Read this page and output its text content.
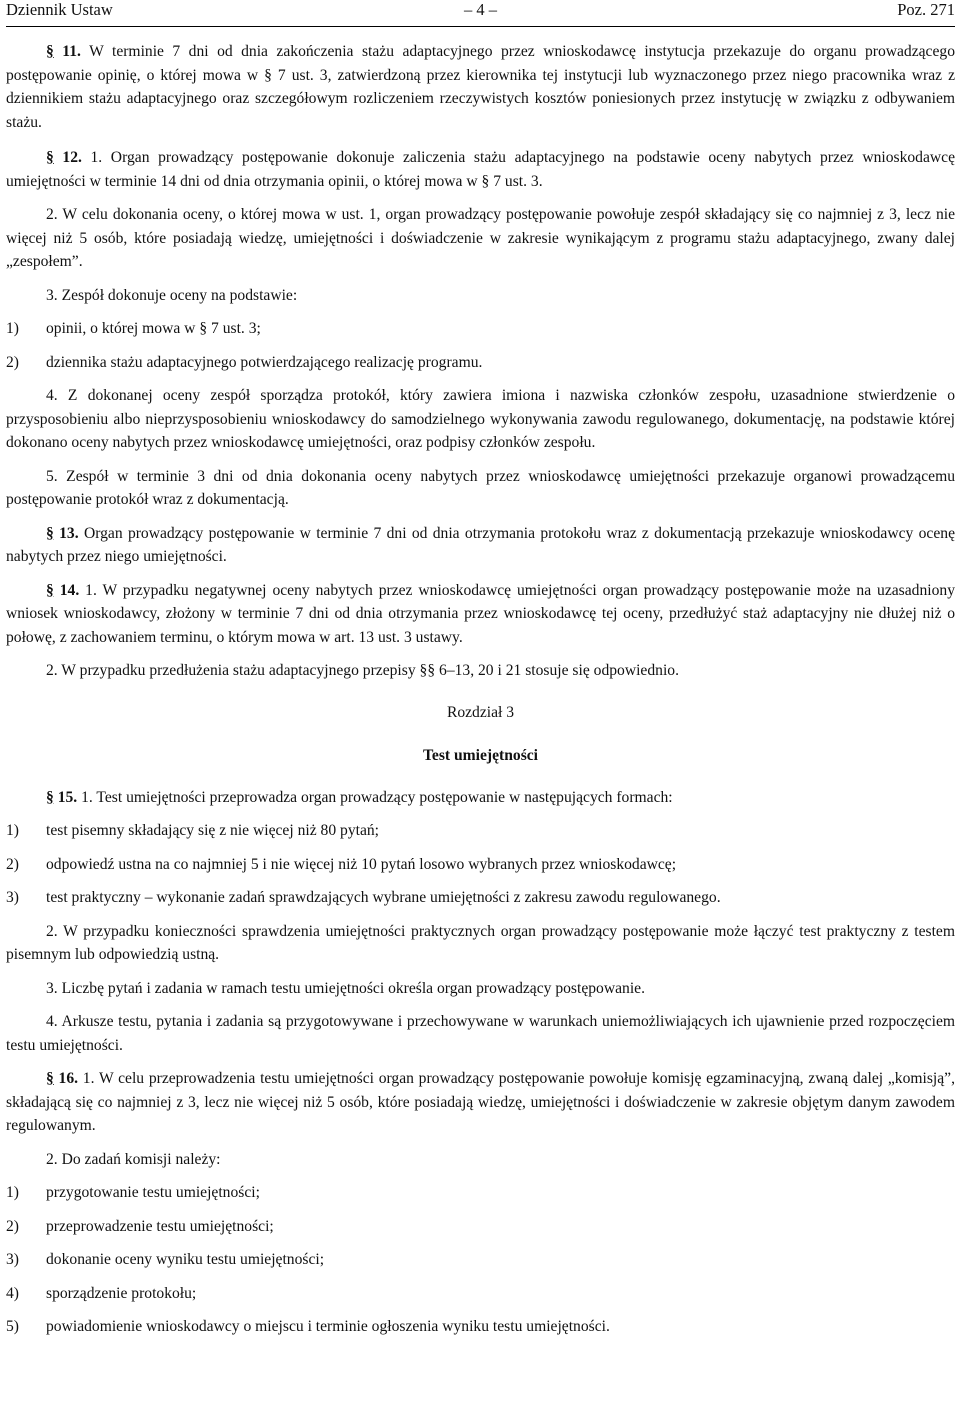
Dziennik Ustaw	– 4 –	Poz. 271

§ 11. W terminie 7 dni od dnia zakończenia stażu adaptacyjnego przez wnioskodawcę instytucja przekazuje do organu prowadzącego postępowanie opinię, o której mowa w § 7 ust. 3, zatwierdzoną przez kierownika tej instytucji lub wyznaczonego przez niego pracownika wraz z dziennikiem stażu adaptacyjnego oraz szczegółowym rozliczeniem rzeczywistych kosztów poniesionych przez instytucję w związku z odbywaniem stażu.

§ 12. 1. Organ prowadzący postępowanie dokonuje zaliczenia stażu adaptacyjnego na podstawie oceny nabytych przez wnioskodawcę umiejętności w terminie 14 dni od dnia otrzymania opinii, o której mowa w § 7 ust. 3.

2. W celu dokonania oceny, o której mowa w ust. 1, organ prowadzący postępowanie powołuje zespół składający się co najmniej z 3, lecz nie więcej niż 5 osób, które posiadają wiedzę, umiejętności i doświadczenie w zakresie wynikającym z programu stażu adaptacyjnego, zwany dalej „zespołem”.

3. Zespół dokonuje oceny na podstawie:

1)	opinii, o której mowa w § 7 ust. 3;
2)	dziennika stażu adaptacyjnego potwierdzającego realizację programu.

4. Z dokonanej oceny zespół sporządza protokół, który zawiera imiona i nazwiska członków zespołu, uzasadnione stwierdzenie o przysposobieniu albo nieprzysposobieniu wnioskodawcy do samodzielnego wykonywania zawodu regulowanego, dokumentację, na podstawie której dokonano oceny nabytych przez wnioskodawcę umiejętności, oraz podpisy członków zespołu.

5. Zespół w terminie 3 dni od dnia dokonania oceny nabytych przez wnioskodawcę umiejętności przekazuje organowi prowadzącemu postępowanie protokół wraz z dokumentacją.

§ 13. Organ prowadzący postępowanie w terminie 7 dni od dnia otrzymania protokołu wraz z dokumentacją przekazuje wnioskodawcy ocenę nabytych przez niego umiejętności.

§ 14. 1. W przypadku negatywnej oceny nabytych przez wnioskodawcę umiejętności organ prowadzący postępowanie może na uzasadniony wniosek wnioskodawcy, złożony w terminie 7 dni od dnia otrzymania przez wnioskodawcę tej oceny, przedłużyć staż adaptacyjny nie dłużej niż o połowę, z zachowaniem terminu, o którym mowa w art. 13 ust. 3 ustawy.

2. W przypadku przedłużenia stażu adaptacyjnego przepisy §§ 6–13, 20 i 21 stosuje się odpowiednio.

Rozdział 3

Test umiejętności

§ 15. 1. Test umiejętności przeprowadza organ prowadzący postępowanie w następujących formach:

1)	test pisemny składający się z nie więcej niż 80 pytań;
2)	odpowiedź ustna na co najmniej 5 i nie więcej niż 10 pytań losowo wybranych przez wnioskodawcę;
3)	test praktyczny – wykonanie zadań sprawdzających wybrane umiejętności z zakresu zawodu regulowanego.

2. W przypadku konieczności sprawdzenia umiejętności praktycznych organ prowadzący postępowanie może łączyć test praktyczny z testem pisemnym lub odpowiedzią ustną.

3. Liczbę pytań i zadania w ramach testu umiejętności określa organ prowadzący postępowanie.

4. Arkusze testu, pytania i zadania są przygotowywane i przechowywane w warunkach uniemożliwiających ich ujawnienie przed rozpoczęciem testu umiejętności.

§ 16. 1. W celu przeprowadzenia testu umiejętności organ prowadzący postępowanie powołuje komisję egzaminacyjną, zwaną dalej „komisją”, składającą się co najmniej z 3, lecz nie więcej niż 5 osób, które posiadają wiedzę, umiejętności i doświadczenie w zakresie objętym danym zawodem regulowanym.

2. Do zadań komisji należy:

1)	przygotowanie testu umiejętności;
2)	przeprowadzenie testu umiejętności;
3)	dokonanie oceny wyniku testu umiejętności;
4)	sporządzenie protokołu;
5)	powiadomienie wnioskodawcy o miejscu i terminie ogłoszenia wyniku testu umiejętności.
